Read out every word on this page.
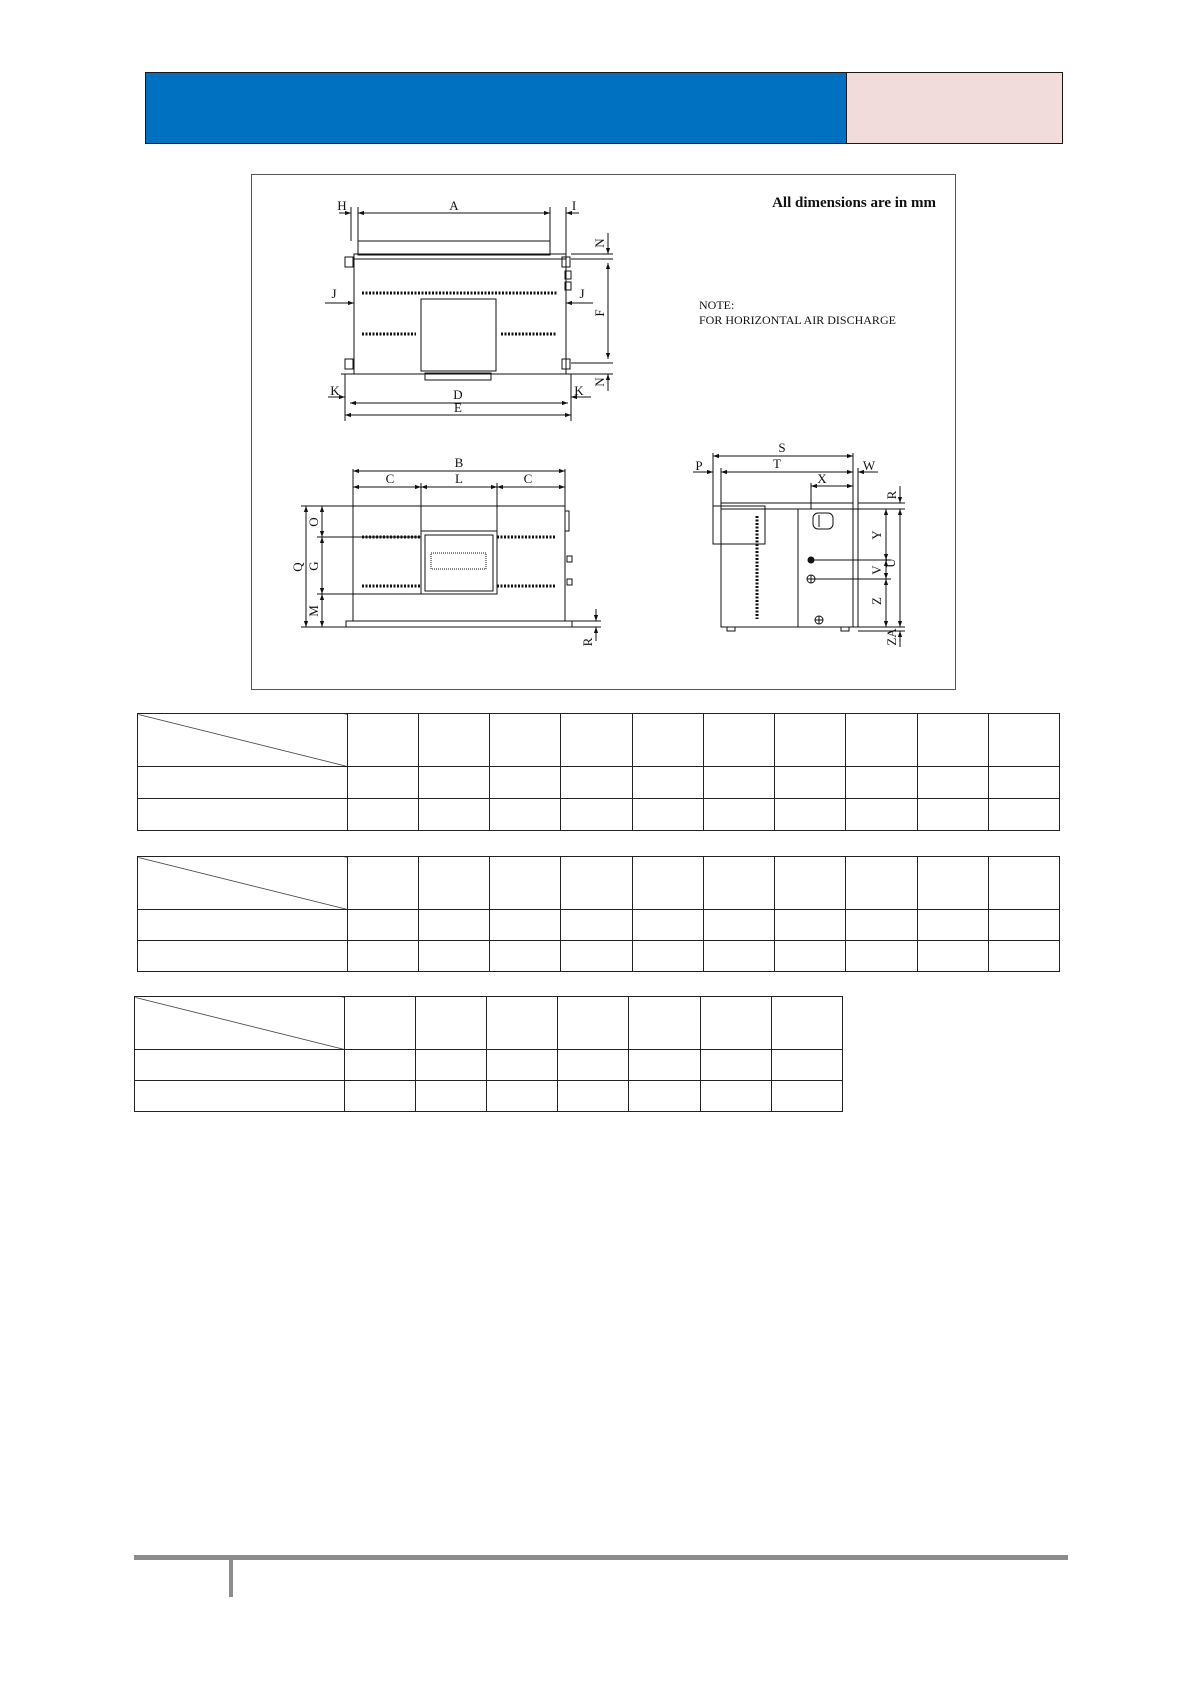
All dimensions are in mm
NOTE:
FOR HORIZONTAL AIR DISCHARGE
A
H	I
J	J
K	K
D
E
N
F
N
B
C	L	C
Q
O
G
M
R
S
P	T
X
W
R
Y
V
U
Z
ZA
